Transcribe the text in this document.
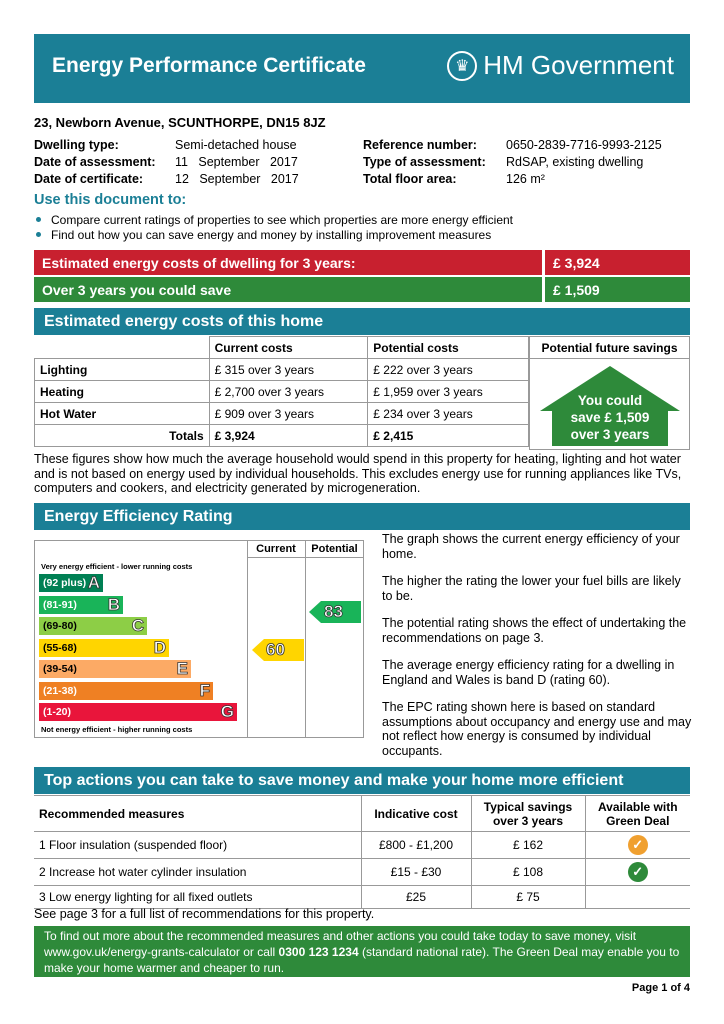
Energy Performance Certificate	♛ HM Government
23, Newborn Avenue, SCUNTHORPE, DN15 8JZ
Dwelling type:	Semi-detached house
Date of assessment:	11   September   2017
Date of certificate:	12   September   2017
Reference number:	0650-2839-7716-9993-2125
Type of assessment:	RdSAP, existing dwelling
Total floor area:	126 m²
Use this document to:
Compare current ratings of properties to see which properties are more energy efficient
Find out how you can save energy and money by installing improvement measures
Estimated energy costs of dwelling for 3 years:	£ 3,924
Over 3 years you could save	£ 1,509
Estimated energy costs of this home
	Current costs	Potential costs
Lighting	£ 315 over 3 years	£ 222 over 3 years
Heating	£ 2,700 over 3 years	£ 1,959 over 3 years
Hot Water	£ 909 over 3 years	£ 234 over 3 years
Totals	£ 3,924	£ 2,415
Potential future savings
You could
save £ 1,509
over 3 years
These figures show how much the average household would spend in this property for heating, lighting and hot water and is not based on energy used by individual households. This excludes energy use for running appliances like TVs, computers and cookers, and electricity generated by microgeneration.
Energy Efficiency Rating
Current	Potential
Very energy efficient - lower running costs
Not energy efficient - higher running costs
(92 plus) A
(81-91) B
(69-80)	C
(55-68)	D
(39-54)	E
(21-38)	F
(1-20)	G
60
83

The graph shows the current energy efficiency of your home.

The higher the rating the lower your fuel bills are likely to be.

The potential rating shows the effect of undertaking the recommendations on page 3.

The average energy efficiency rating for a dwelling in England and Wales is band D (rating 60).

The EPC rating shown here is based on standard assumptions about occupancy and energy use and may not reflect how energy is consumed by individual occupants.

Top actions you can take to save money and make your home more efficient
Recommended measures	Indicative cost	Typical savings over 3 years	Available with Green Deal
1 Floor insulation (suspended floor)	£800 - £1,200	£ 162	✓
2 Increase hot water cylinder insulation	£15 - £30	£ 108	✓
3 Low energy lighting for all fixed outlets	£25	£ 75	
See page 3 for a full list of recommendations for this property.
To find out more about the recommended measures and other actions you could take today to save money, visit
www.gov.uk/energy-grants-calculator or call 0300 123 1234 (standard national rate). The Green Deal may enable you to
make your home warmer and cheaper to run.
Page 1 of 4
